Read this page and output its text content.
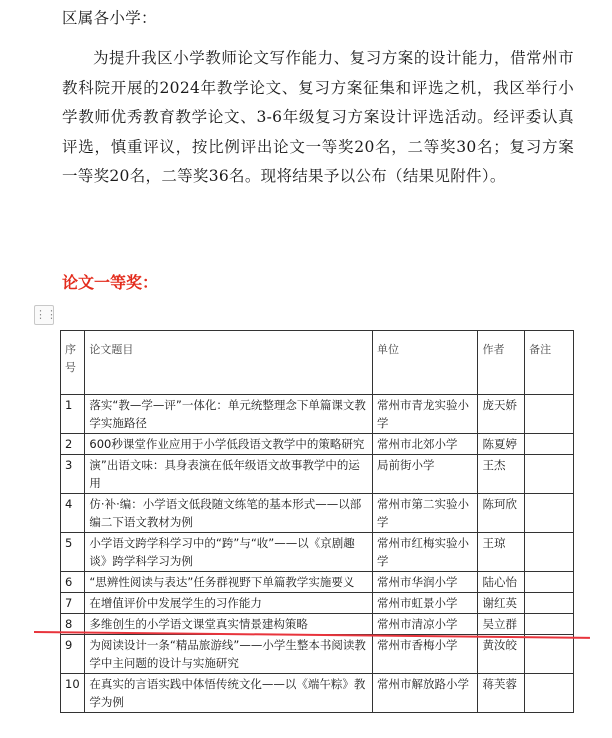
区属各小学：
为提升我区小学教师论文写作能力、复习方案的设计能力，借常州市教科院开展的2024年教学论文、复习方案征集和评选之机，我区举行小学教师优秀教育教学论文、3-6年级复习方案设计评选活动。经评委认真评选，慎重评议，按比例评出论文一等奖20名，二等奖30名；复习方案一等奖20名，二等奖36名。现将结果予以公布（结果见附件）。
论文一等奖：
⋮⋮
序号	论文题目	单位	作者	备注
1	落实“教—学—评”一体化：单元统整理念下单篇课文教学实施路径	常州市青龙实验小学	庞天娇	
2	600秒课堂作业应用于小学低段语文教学中的策略研究	常州市北郊小学	陈夏婷	
3	演”出语文味：具身表演在低年级语文故事教学中的运用	局前街小学	王杰	
4	仿·补·编：小学语文低段随文练笔的基本形式——以部编二下语文教材为例	常州市第二实验小学	陈珂欣	
5	小学语文跨学科学习中的“跨”与“收”——以《京剧趣谈》跨学科学习为例	常州市红梅实验小学	王琼	
6	“思辨性阅读与表达”任务群视野下单篇教学实施要义	常州市华润小学	陆心怡	
7	在增值评价中发展学生的习作能力	常州市虹景小学	谢红英	
8	多维创生的小学语文课堂真实情景建构策略	常州市清凉小学	吴立群	
9	为阅读设计一条“精品旅游线”——小学生整本书阅读教学中主问题的设计与实施研究	常州市香梅小学	黄汝皎	
10	在真实的言语实践中体悟传统文化——以《端午粽》教学为例	常州市解放路小学	蒋芙蓉	
